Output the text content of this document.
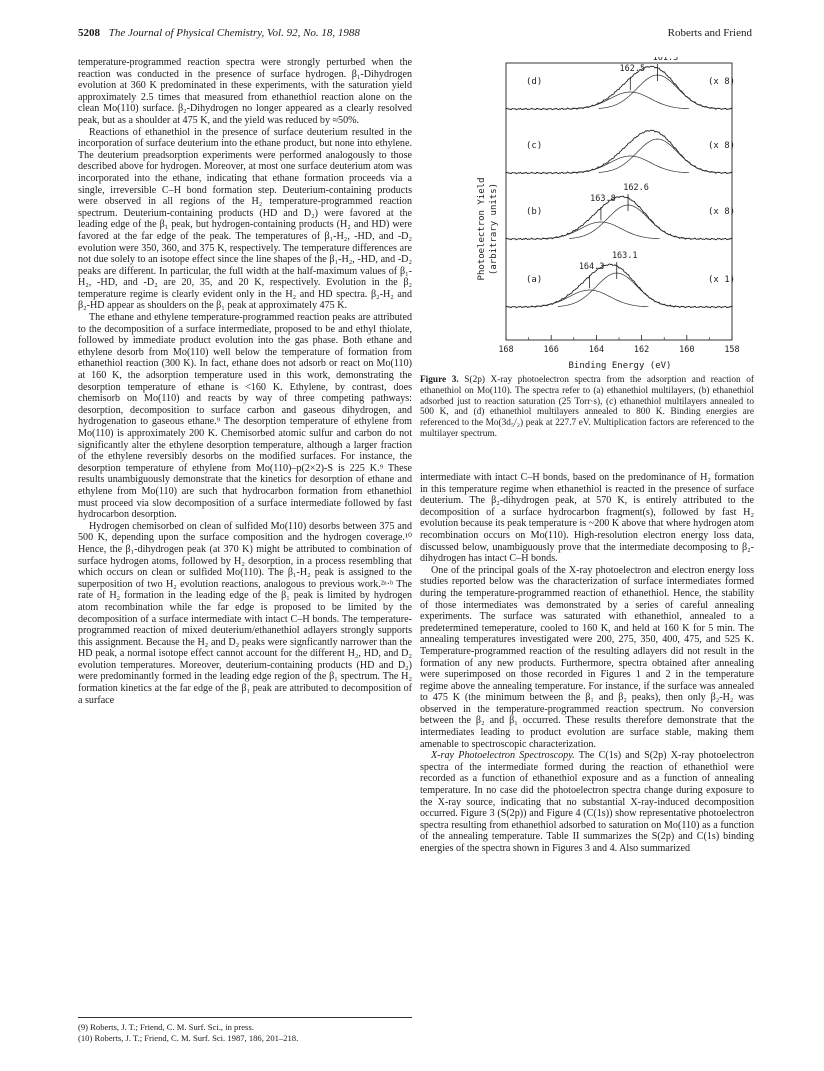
5208 The Journal of Physical Chemistry, Vol. 92, No. 18, 1988	Roberts and Friend

temperature-programmed reaction spectra were strongly perturbed when the reaction was conducted in the presence of surface hydrogen. β₁-Dihydrogen evolution at 360 K predominated in these experiments, with the saturation yield approximately 2.5 times that measured from ethanethiol reaction alone on the clean Mo(110) surface. β₂-Dihydrogen no longer appeared as a clearly resolved peak, but as a shoulder at 475 K, and the yield was reduced by ≈50%.

Reactions of ethanethiol in the presence of surface deuterium resulted in the incorporation of surface deuterium into the ethane product, but none into ethylene. The deuterium preadsorption experiments were performed analogously to those described above for hydrogen. Moreover, at most one surface deuterium atom was incorporated into the ethane, indicating that ethane formation proceeds via a single, irreversible C–H bond formation step. Deuterium-containing products were observed in all regions of the H₂ temperature-programmed reaction spectrum. Deuterium-containing products (HD and D₂) were favored at the leading edge of the β₁ peak, but hydrogen-containing products (H₂ and HD) were favored at the far edge of the peak. The temperatures of β₁-H₂, -HD, and -D₂ evolution were 350, 360, and 375 K, respectively. The temperature differences are not due solely to an isotope effect since the line shapes of the β₁-H₂, -HD, and -D₂ peaks are different. In particular, the full width at the half-maximum values of β₁-H₂, -HD, and -D₂ are 20, 35, and 20 K, respectively. Evolution in the β₂ temperature regime is clearly evident only in the H₂ and HD spectra. β₂-H₂ and β₂-HD appear as shoulders on the β₁ peak at approximately 475 K.

The ethane and ethylene temperature-programmed reaction peaks are attributed to the decomposition of a surface intermediate, proposed to be and ethyl thiolate, followed by immediate product evolution into the gas phase. Both ethane and ethylene desorb from Mo(110) well below the temperature of formation from ethanethiol reaction (300 K). In fact, ethane does not adsorb or react on Mo(110) at 160 K, the adsorption temperature used in this work, demonstrating the desorption temperature of ethane is <160 K. Ethylene, by contrast, does chemisorb on Mo(110) and reacts by way of three competing pathways: desorption, decomposition to surface carbon and gaseous dihydrogen, and hydrogenation to gaseous ethane.⁹ The desorption temperature of ethylene from Mo(110) is approximately 200 K. Chemisorbed atomic sulfur and carbon do not significantly alter the ethylene desorption temperature, although a larger fraction of the ethylene reversibly desorbs on the modified surfaces. For instance, the desorption temperature of ethylene from Mo(110)–p(2×2)-S is 225 K.⁹ These results unambiguously demonstrate that the kinetics for desorption of ethane and ethylene from Mo(110) are such that hydrocarbon formation from ethanethiol must proceed via slow decomposition of a surface intermediate followed by fast hydrocarbon desorption.

Hydrogen chemisorbed on clean of sulfided Mo(110) desorbs between 375 and 500 K, depending upon the surface composition and the hydrogen coverage.¹⁰ Hence, the β₁-dihydrogen peak (at 370 K) might be attributed to combination of surface hydrogen atoms, followed by H₂ desorption, in a process resembling that which occurs on clean or sulfided Mo(110). The β₁-H₂ peak is assigned to the superposition of two H₂ evolution reactions, analogous to previous work.²ᵃ·ᵇ The rate of H₂ formation in the leading edge of the β₁ peak is limited by hydrogen atom recombination while the far edge is proposed to be limited by the decomposition of a surface intermediate with intact C–H bonds. The temperature-programmed reaction of mixed deuterium/ethanethiol adlayers strongly supports this assignment. Because the H₂ and D₂ peaks were signficantly narrower than the HD peak, a normal isotope effect cannot account for the different H₂, HD, and D₂ evolution temperatures. Moreover, deuterium-containing products (HD and D₂) were predominantly formed in the leading edge region of the β₁ spectrum. The H₂ formation kinetics at the far edge of the β₁ peak are attributed to decomposition of a surface

(9) Roberts, J. T.; Friend, C. M. Surf. Sci., in press.

(10) Roberts, J. T.; Friend, C. M. Surf. Sci. 1987, 186, 201–218.

168	166	164	162	160	158
(a)	(x 1)
163.1
164.3
(b)	(x 8)
162.6
163.8
(c)	(x 8)
(d)	(x 8)
161.3
162.5
Photoelectron Yield (arbitrary units)
Binding Energy (eV)
Figure 3. S(2p) X-ray photoelectron spectra from the adsorption and reaction of ethanethiol on Mo(110). The spectra refer to (a) ethanethiol multilayers, (b) ethanethiol adsorbed just to reaction saturation (25 Torr·s), (c) ethanethiol multilayers annealed to 500 K, and (d) ethanethiol multilayers annealed to 800 K. Binding energies are referenced to the Mo(3d₅/₂) peak at 227.7 eV. Multiplication factors are referenced to the multilayer spectrum.

intermediate with intact C–H bonds, based on the predominance of H₂ formation in this temperature regime when ethanethiol is reacted in the presence of surface deuterium. The β₂-dihydrogen peak, at 570 K, is entirely attributed to the decomposition of a surface hydrocarbon fragment(s), followed by fast H₂ evolution because its peak temperature is ~200 K above that where hydrogen atom recombination occurs on Mo(110). High-resolution electron energy loss data, discussed below, unambiguously prove that the intermediate decomposing to β₂-dihydrogen has intact C–H bonds.

One of the principal goals of the X-ray photoelectron and electron energy loss studies reported below was the characterization of surface intermediates formed during the temperature-programmed reaction of ethanethiol. Hence, the stability of those intermediates was demonstrated by a series of careful annealing experiments. The surface was saturated with ethanethiol, annealed to a predetermined temeperature, cooled to 160 K, and held at 160 K for 5 min. The annealing temperatures investigated were 200, 275, 350, 400, 475, and 525 K. Temperature-programmed reaction of the resulting adlayers did not result in the formation of any new products. Furthermore, spectra obtained after annealing were superimposed on those recorded in Figures 1 and 2 in the temperature regime above the annealing temperature. For instance, if the surface was annealed to 475 K (the minimum between the β₁ and β₂ peaks), then only β₂-H₂ was observed in the temperature-programmed reaction spectrum. No conversion between the β₂ and β₁ occurred. These results therefore demonstrate that the intermediates leading to product evolution are surface stable, making them amenable to spectroscopic characterization.

X-ray Photoelectron Spectroscopy. The C(1s) and S(2p) X-ray photoelectron spectra of the intermediate formed during the reaction of ethanethiol were recorded as a function of ethanethiol exposure and as a function of annealing temperature. In no case did the photoelectron spectra change during exposure to the X-ray source, indicating that no substantial X-ray-induced decomposition occurred. Figure 3 (S(2p)) and Figure 4 (C(1s)) show representative photoelectron spectra resulting from ethanethiol adsorbed to saturation on Mo(110) as a function of the annealing temperature. Table II summarizes the S(2p) and C(1s) binding energies of the spectra shown in Figures 3 and 4. Also summarized
